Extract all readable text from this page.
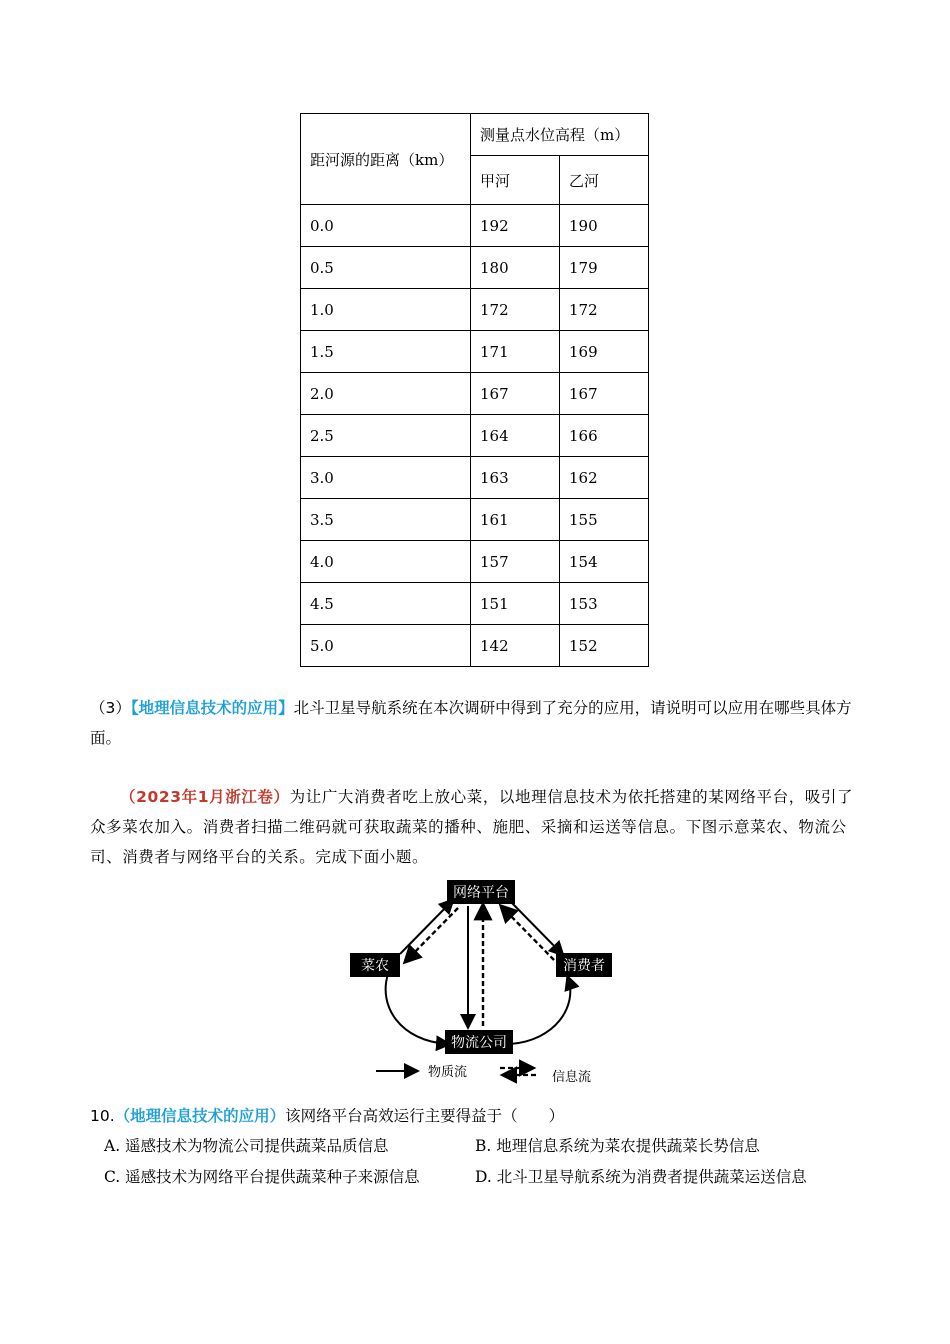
距河源的距离（km）	测量点水位高程（m）	
	甲河	乙河
0.0	192	190
0.5	180	179
1.0	172	172
1.5	171	169
2.0	167	167
2.5	164	166
3.0	163	162
3.5	161	155
4.0	157	154
4.5	151	153
5.0	142	152
（3）【地理信息技术的应用】北斗卫星导航系统在本次调研中得到了充分的应用，请说明可以应用在哪些具体方面。
（2023年1月浙江卷）为让广大消费者吃上放心菜，以地理信息技术为依托搭建的某网络平台，吸引了众多菜农加入。消费者扫描二维码就可获取蔬菜的播种、施肥、采摘和运送等信息。下图示意菜农、物流公司、消费者与网络平台的关系。完成下面小题。
网络平台
菜农	消费者
物流公司
物质流	信息流
10.（地理信息技术的应用）该网络平台高效运行主要得益于（　　）
A. 遥感技术为物流公司提供蔬菜品质信息	B. 地理信息系统为菜农提供蔬菜长势信息
C. 遥感技术为网络平台提供蔬菜种子来源信息	D. 北斗卫星导航系统为消费者提供蔬菜运送信息
